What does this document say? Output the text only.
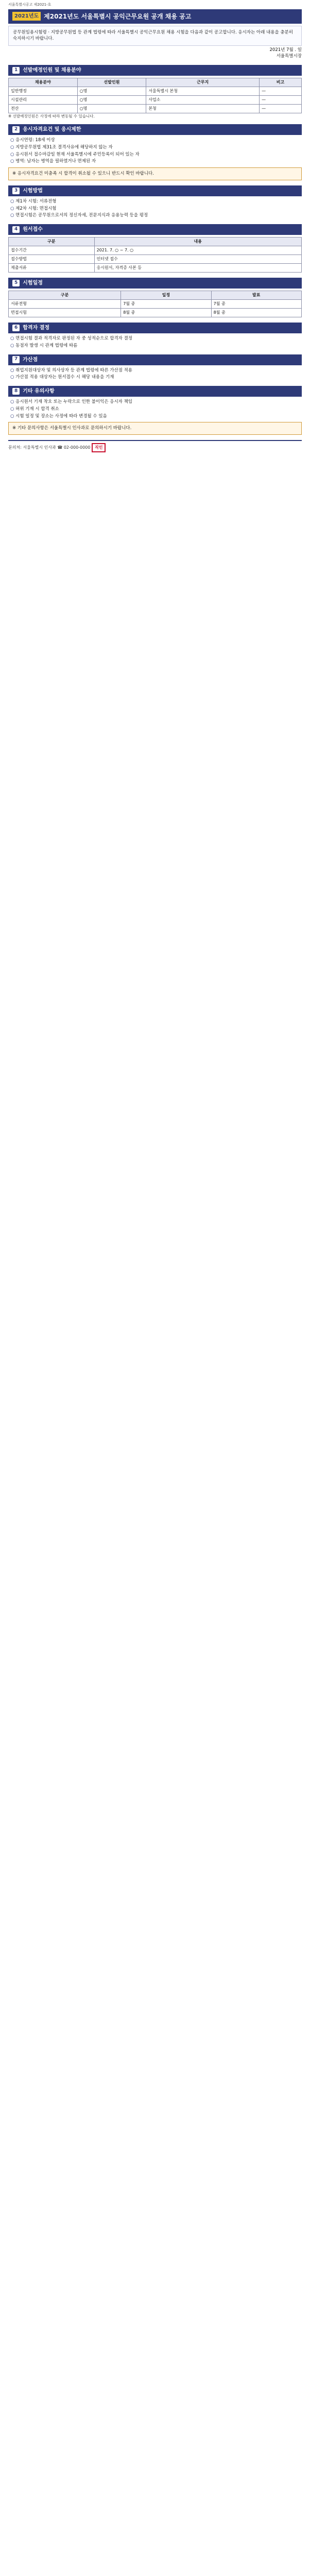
서울특별시공고 제2021-호
2021년도 제2021년도 서울특별시 공익근무요원 공개 채용 공고
공무원임용시험령 · 지방공무원법 등 관계 법령에 따라 서울특별시 공익근무요원 채용 시험을 다음과 같이 공고합니다. 응시자는 아래 내용을 충분히 숙지하시기 바랍니다.
2021년 7월 . 일
서울특별시장
1	선발예정인원 및 채용분야
채용분야	선발인원	근무지	비고
일반행정	○명	서울특별시 본청	—
시설관리	○명	사업소	—
전산	○명	본청	—
※ 선발예정인원은 사정에 따라 변동될 수 있습니다.
2	응시자격요건 및 응시제한
○ 응시연령: 18세 이상
○ 지방공무원법 제31조 결격사유에 해당하지 않는 자
○ 응시원서 접수마감일 현재 서울특별시에 주민등록이 되어 있는 자
○ 병역: 남자는 병역을 필하였거나 면제된 자
※ 응시자격요건 미충족 시 합격이 취소될 수 있으니 반드시 확인 바랍니다.
3	시험방법
○ 제1차 시험: 서류전형
○ 제2차 시험: 면접시험
○ 면접시험은 공무원으로서의 정신자세, 전문지식과 응용능력 등을 평정
4	원서접수
구분	내용
접수기간	2021. 7. ○ ~ 7. ○
접수방법	인터넷 접수
제출서류	응시원서, 자격증 사본 등
5	시험일정
구분	일정	발표
서류전형	7월 중	7월 중
면접시험	8월 중	8월 중
6	합격자 결정
○ 면접시험 결과 적격자로 판정된 자 중 성적순으로 합격자 결정
○ 동점자 발생 시 관계 법령에 따름
7	가산점
○ 취업지원대상자 및 의사상자 등 관계 법령에 따른 가산점 적용
○ 가산점 적용 대상자는 원서접수 시 해당 내용을 기재
8	기타 유의사항
○ 응시원서 기재 착오 또는 누락으로 인한 불이익은 응시자 책임
○ 허위 기재 시 합격 취소
○ 시험 일정 및 장소는 사정에 따라 변경될 수 있음
※ 기타 문의사항은 서울특별시 인사과로 문의하시기 바랍니다.
문의처: 서울특별시 인사과 ☎ 02-000-0000 직인
